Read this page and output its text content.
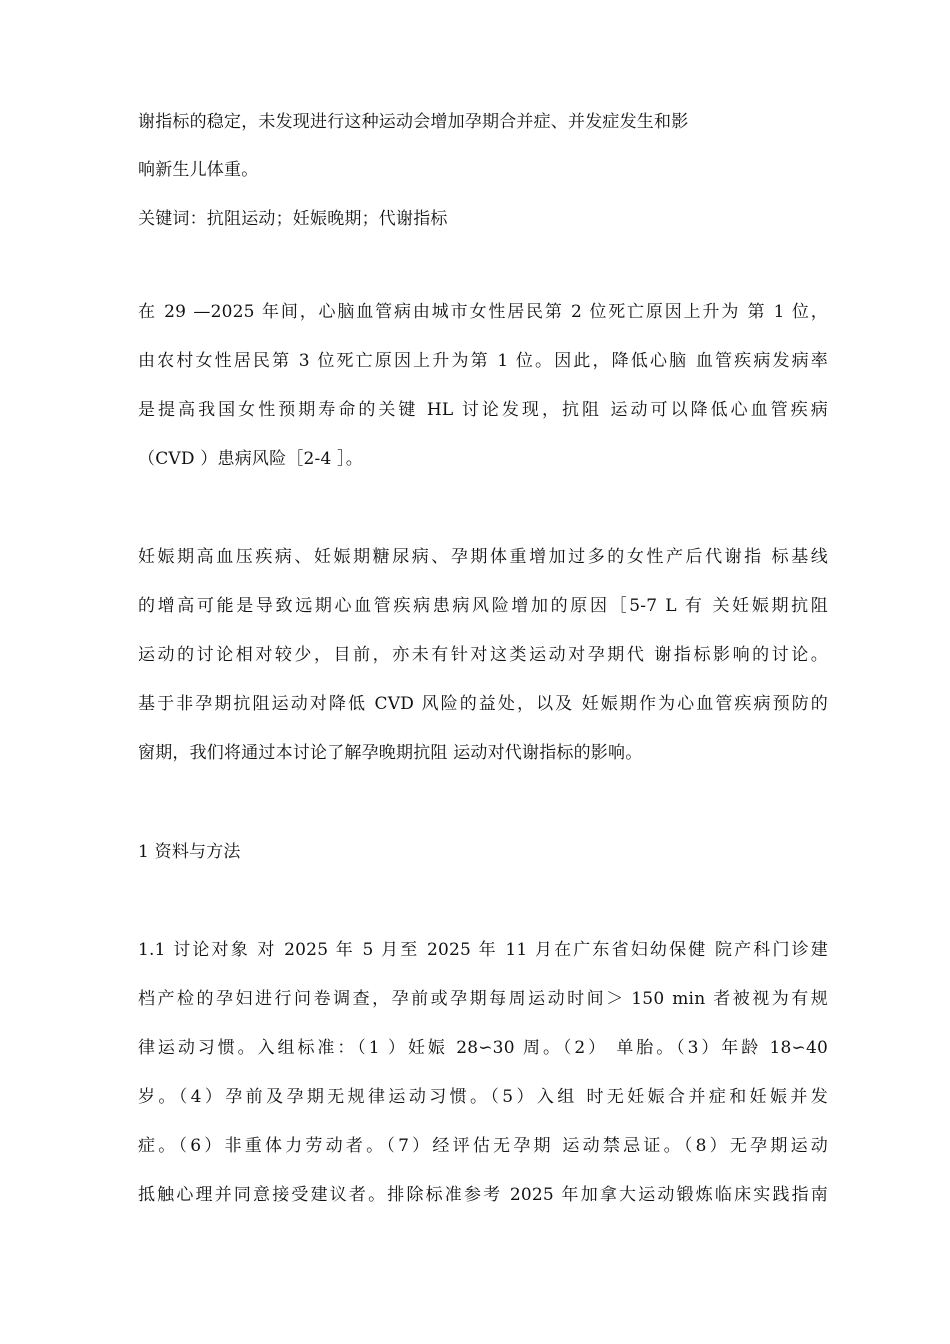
谢指标的稳定，未发现进行这种运动会增加孕期合并症、并发症发生和影
响新生儿体重。
关键词：抗阻运动；妊娠晚期；代谢指标
在 29 —2025 年间，心脑血管病由城市女性居民第 2 位死亡原因上升为 第 1 位，
由农村女性居民第 3 位死亡原因上升为第 1 位。因此，降低心脑 血管疾病发病率
是提高我国女性预期寿命的关键 HL 讨论发现，抗阻 运动可以降低心血管疾病
（CVD ）患病风险［2-4 ］。
妊娠期高血压疾病、妊娠期糖尿病、孕期体重增加过多的女性产后代谢指 标基线
的增高可能是导致远期心血管疾病患病风险增加的原因［5-7 L 有 关妊娠期抗阻
运动的讨论相对较少，目前，亦未有针对这类运动对孕期代 谢指标影响的讨论。
基于非孕期抗阻运动对降低 CVD 风险的益处，以及 妊娠期作为心血管疾病预防的
窗期，我们将通过本讨论了解孕晚期抗阻 运动对代谢指标的影响。
1 资料与方法
1.1 讨论对象 对 2025 年 5 月至 2025 年 11 月在广东省妇幼保健 院产科门诊建
档产检的孕妇进行问卷调查，孕前或孕期每周运动时间＞ 150 min 者被视为有规
律运动习惯。入组标准：（1 ）妊娠 28∽30 周。（2） 单胎。（3）年龄 18∽40
岁。（4）孕前及孕期无规律运动习惯。（5）入组 时无妊娠合并症和妊娠并发
症。（6）非重体力劳动者。（7）经评估无孕期 运动禁忌证。（8）无孕期运动
抵触心理并同意接受建议者。排除标准参考 2025 年加拿大运动锻炼临床实践指南
